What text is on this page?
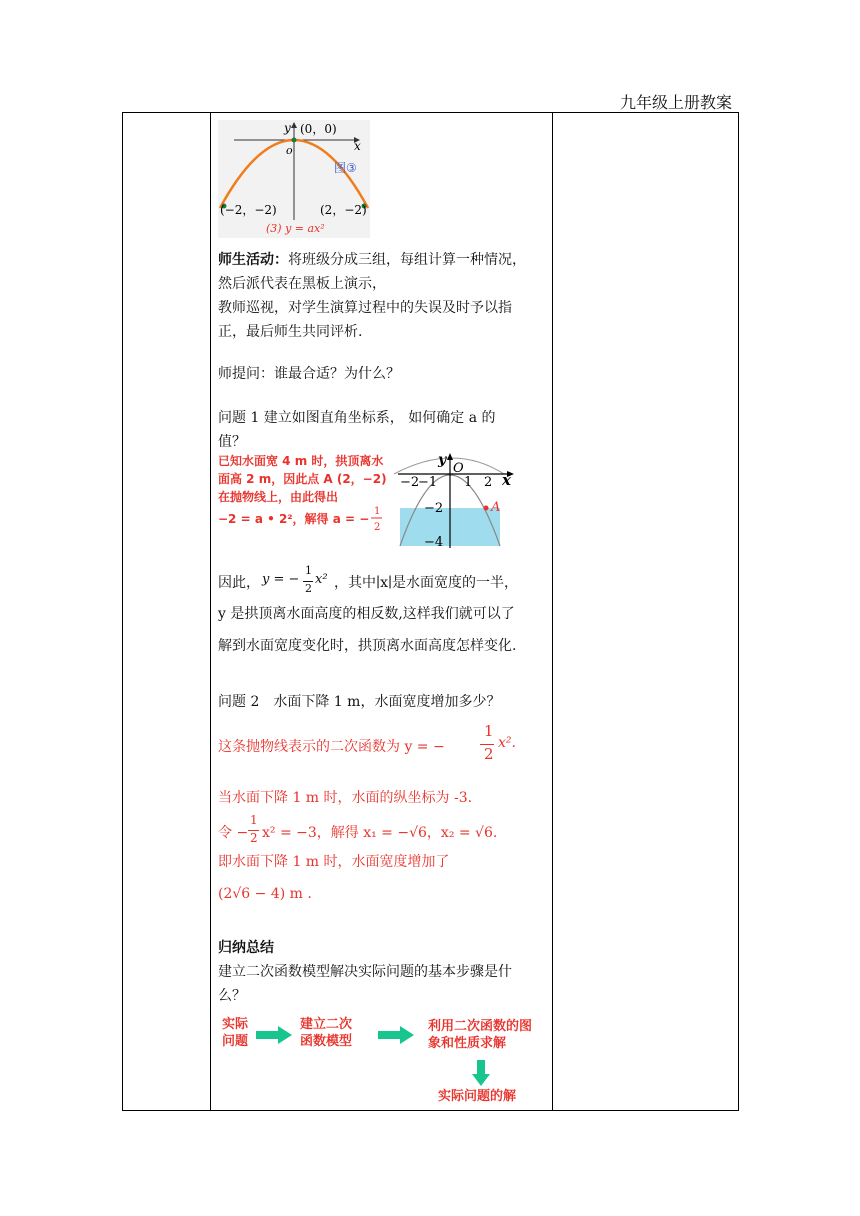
九年级上册教案
y
x
o
(0，0)
(−2，−2)	(2，−2)
图③
(3) y = ax²

师生活动：将班级分成三组，每组计算一种情况，

然后派代表在黑板上演示，

教师巡视，对学生演算过程中的失误及时予以指

正，最后师生共同评析.

师提问：谁最合适？为什么？

问题 1 建立如图直角坐标系， 如何确定 a 的

值？

已知水面宽 4 m 时，拱顶离水
面高 2 m，因此点 A (2，−2)
在抛物线上，由此得出
−2 = a • 2²，解得 a = −
1
2
y
O
x
−2
−1 1 2
−2
−4
A
因此， y = −
1
2
x² ，其中∣x∣是水面宽度的一半，

y 是拱顶离水面高度的相反数,这样我们就可以了

解到水面宽度变化时，拱顶离水面高度怎样变化.

问题 2　水面下降 1 m，水面宽度增加多少？

这条抛物线表示的二次函数为 y = −
1
2
x².

当水面下降 1 m 时，水面的纵坐标为 -3.

令 −
1
2 x² = −3，解得 x₁ = −√6，x₂ = √6.

即水面下降 1 m 时，水面宽度增加了

(2√6 − 4) m .

归纳总结

建立二次函数模型解决实际问题的基本步骤是什

么？

实际
问题
建立二次
函数模型
利用二次函数的图
象和性质求解
实际问题的解
